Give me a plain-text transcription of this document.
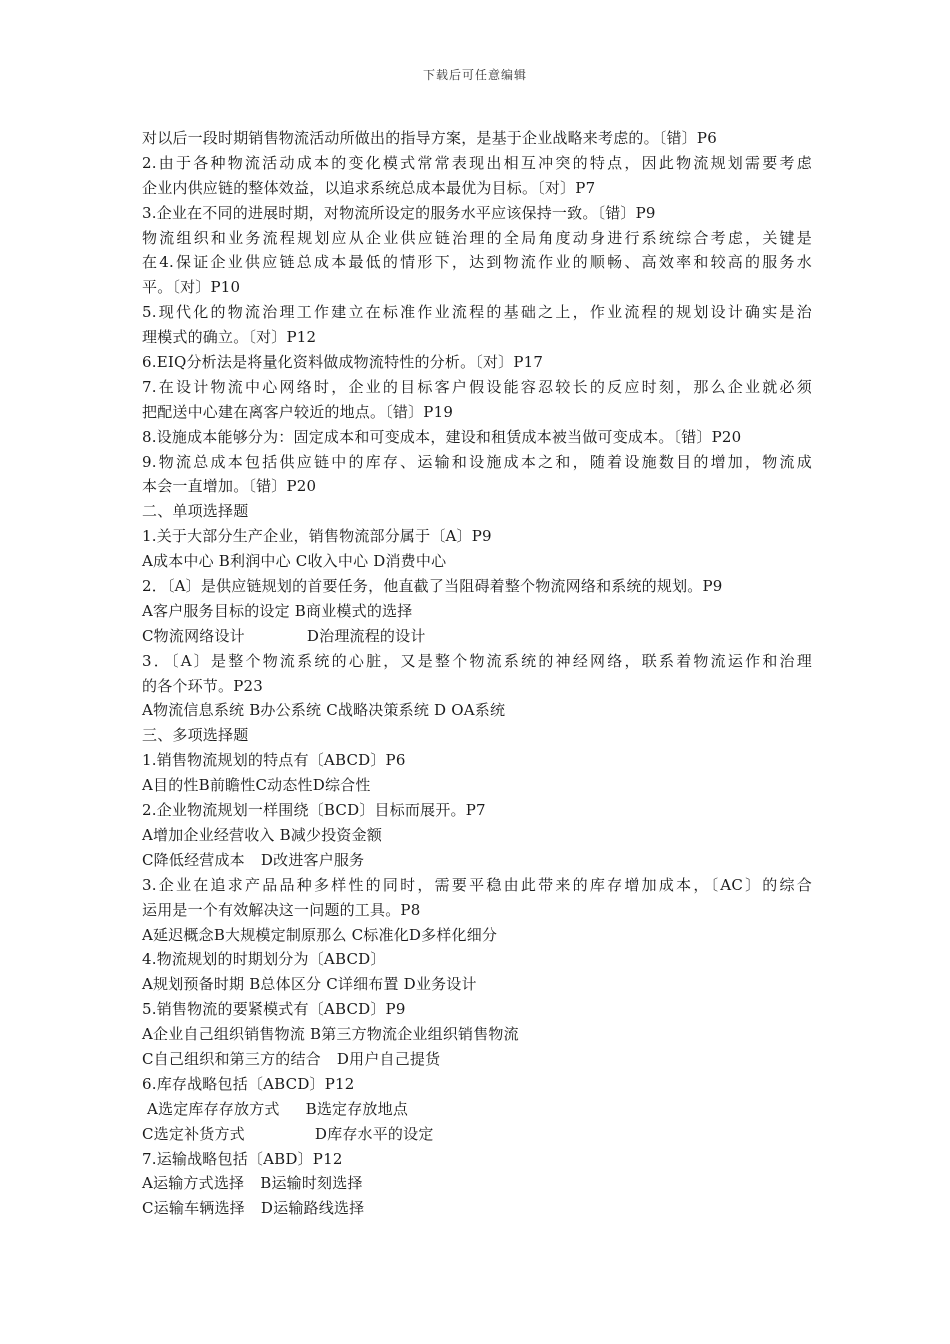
下载后可任意编辑
对以后一段时期销售物流活动所做出的指导方案，是基于企业战略来考虑的。〔错〕P6
2.由于各种物流活动成本的变化模式常常表现出相互冲突的特点，因此物流规划需要考虑
企业内供应链的整体效益，以追求系统总成本最优为目标。〔对〕P7
3.企业在不同的进展时期，对物流所设定的服务水平应该保持一致。〔错〕P9
物流组织和业务流程规划应从企业供应链治理的全局角度动身进行系统综合考虑，关键是
在4.保证企业供应链总成本最低的情形下，达到物流作业的顺畅、高效率和较高的服务水
平。〔对〕P10
5.现代化的物流治理工作建立在标准作业流程的基础之上，作业流程的规划设计确实是治
理模式的确立。〔对〕P12
6.EIQ分析法是将量化资料做成物流特性的分析。〔对〕P17
7.在设计物流中心网络时，企业的目标客户假设能容忍较长的反应时刻，那么企业就必须
把配送中心建在离客户较近的地点。〔错〕P19
8.设施成本能够分为：固定成本和可变成本，建设和租赁成本被当做可变成本。〔错〕P20
9.物流总成本包括供应链中的库存、运输和设施成本之和，随着设施数目的增加，物流成
本会一直增加。〔错〕P20
二、单项选择题
1.关于大部分生产企业，销售物流部分属于〔A〕P9
A成本中心 B利润中心 C收入中心 D消费中心
2．〔A〕是供应链规划的首要任务，他直截了当阻碍着整个物流网络和系统的规划。P9
A客户服务目标的设定 B商业模式的选择
C物流网络设计	D治理流程的设计
3．〔A〕是整个物流系统的心脏，又是整个物流系统的神经网络，联系着物流运作和治理
的各个环节。P23
A物流信息系统 B办公系统 C战略决策系统 D OA系统
三、多项选择题
1.销售物流规划的特点有〔ABCD〕P6
A目的性B前瞻性C动态性D综合性
2.企业物流规划一样围绕〔BCD〕目标而展开。P7
A增加企业经营收入 B减少投资金额
C降低经营成本 D改进客户服务
3.企业在追求产品品种多样性的同时，需要平稳由此带来的库存增加成本，〔AC〕的综合
运用是一个有效解决这一问题的工具。P8
A延迟概念B大规模定制原那么 C标准化D多样化细分
4.物流规划的时期划分为〔ABCD〕
A规划预备时期 B总体区分 C详细布置 D业务设计
5.销售物流的要紧模式有〔ABCD〕P9
A企业自己组织销售物流 B第三方物流企业组织销售物流
C自己组织和第三方的结合 D用户自己提货
6.库存战略包括〔ABCD〕P12
A选定库存存放方式 B选定存放地点
C选定补货方式	D库存水平的设定
7.运输战略包括〔ABD〕P12
A运输方式选择 B运输时刻选择
C运输车辆选择 D运输路线选择
